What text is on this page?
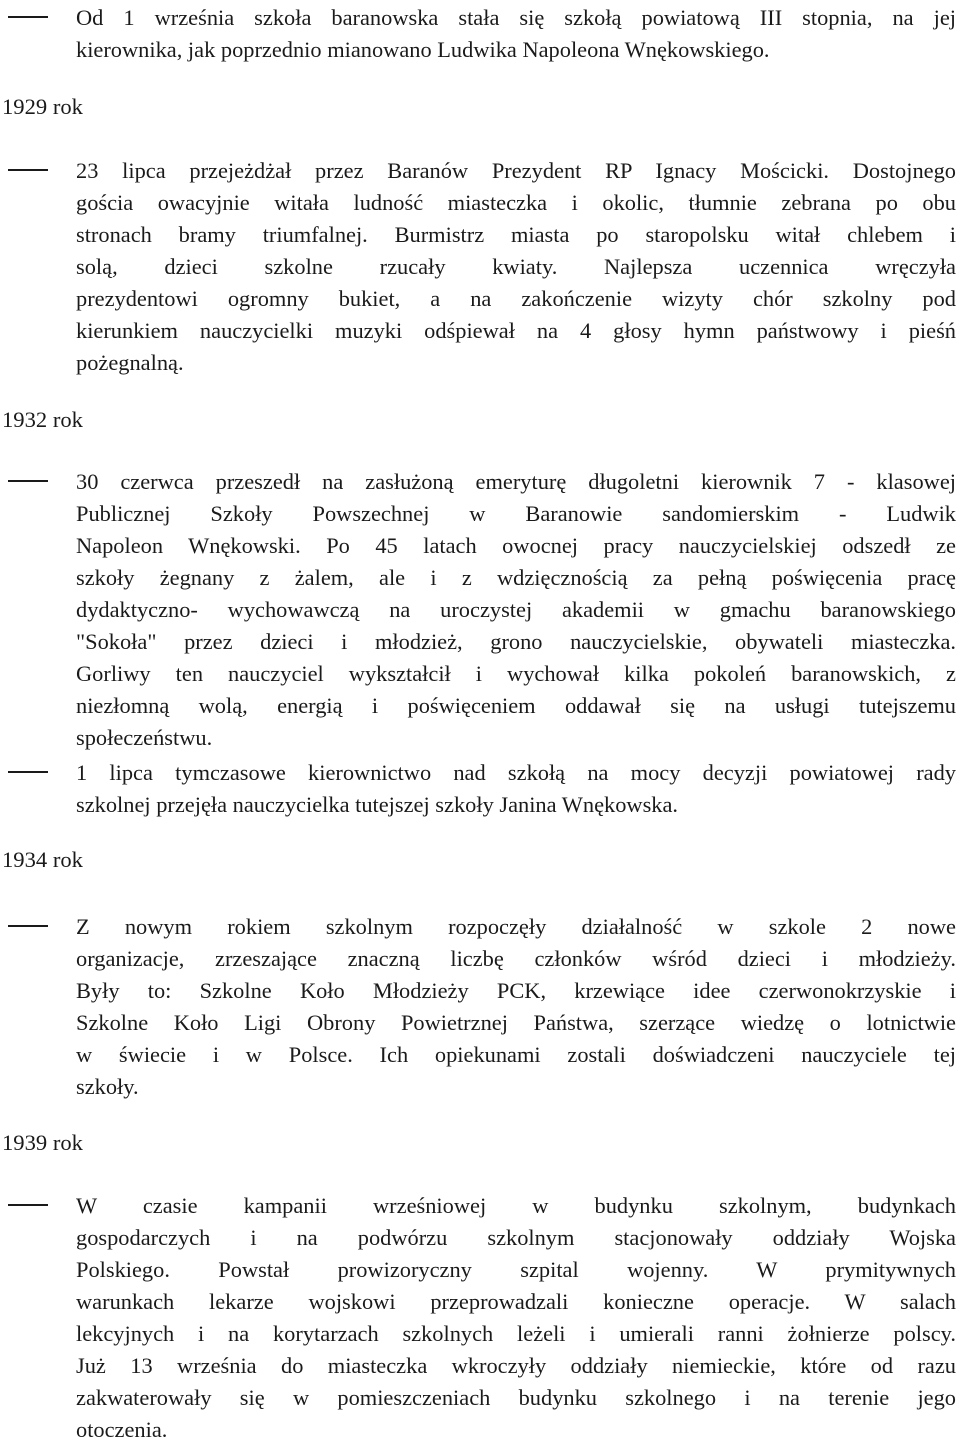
Od 1 września szkoła baranowska stała się szkołą powiatową III stopnia, na jej
kierownika, jak poprzednio mianowano Ludwika Napoleona Wnękowskiego.
1929 rok
23 lipca przejeżdżał przez Baranów Prezydent RP Ignacy Mościcki. Dostojnego
gościa owacyjnie witała ludność miasteczka i okolic, tłumnie zebrana po obu
stronach bramy triumfalnej. Burmistrz miasta po staropolsku witał chlebem i
solą, dzieci szkolne rzucały kwiaty. Najlepsza uczennica wręczyła
prezydentowi ogromny bukiet, a na zakończenie wizyty chór szkolny pod
kierunkiem nauczycielki muzyki odśpiewał na 4 głosy hymn państwowy i pieśń
pożegnalną.
1932 rok
30 czerwca przeszedł na zasłużoną emeryturę długoletni kierownik 7 - klasowej
Publicznej Szkoły Powszechnej w Baranowie sandomierskim - Ludwik
Napoleon Wnękowski. Po 45 latach owocnej pracy nauczycielskiej odszedł ze
szkoły żegnany z żalem, ale i z wdzięcznością za pełną poświęcenia pracę
dydaktyczno- wychowawczą na uroczystej akademii w gmachu baranowskiego
"Sokoła" przez dzieci i młodzież, grono nauczycielskie, obywateli miasteczka.
Gorliwy ten nauczyciel wykształcił i wychował kilka pokoleń baranowskich, z
niezłomną wolą, energią i poświęceniem oddawał się na usługi tutejszemu
społeczeństwu.
1 lipca tymczasowe kierownictwo nad szkołą na mocy decyzji powiatowej rady
szkolnej przejęła nauczycielka tutejszej szkoły Janina Wnękowska.
1934 rok
Z nowym rokiem szkolnym rozpoczęły działalność w szkole 2 nowe
organizacje, zrzeszające znaczną liczbę członków wśród dzieci i młodzieży.
Były to: Szkolne Koło Młodzieży PCK, krzewiące idee czerwonokrzyskie i
Szkolne Koło Ligi Obrony Powietrznej Państwa, szerzące wiedzę o lotnictwie
w świecie i w Polsce. Ich opiekunami zostali doświadczeni nauczyciele tej
szkoły.
1939 rok
W czasie kampanii wrześniowej w budynku szkolnym, budynkach
gospodarczych i na podwórzu szkolnym stacjonowały oddziały Wojska
Polskiego. Powstał prowizoryczny szpital wojenny. W prymitywnych
warunkach lekarze wojskowi przeprowadzali konieczne operacje. W salach
lekcyjnych i na korytarzach szkolnych leżeli i umierali ranni żołnierze polscy.
Już 13 września do miasteczka wkroczyły oddziały niemieckie, które od razu
zakwaterowały się w pomieszczeniach budynku szkolnego i na terenie jego
otoczenia.
